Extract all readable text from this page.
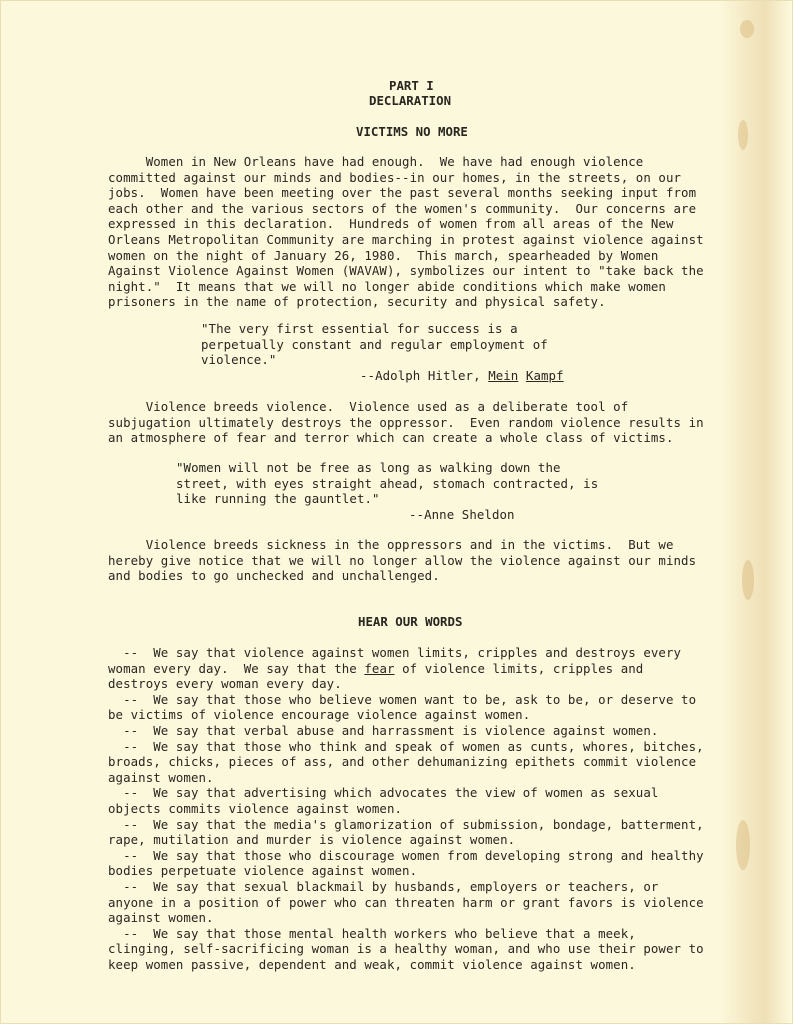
PART I
DECLARATION
VICTIMS NO MORE
Women in New Orleans have had enough.  We have had enough violence
committed against our minds and bodies--in our homes, in the streets, on our
jobs.  Women have been meeting over the past several months seeking input from
each other and the various sectors of the women's community.  Our concerns are
expressed in this declaration.  Hundreds of women from all areas of the New
Orleans Metropolitan Community are marching in protest against violence against
women on the night of January 26, 1980.  This march, spearheaded by Women
Against Violence Against Women (WAVAW), symbolizes our intent to "take back the
night."  It means that we will no longer abide conditions which make women
prisoners in the name of protection, security and physical safety.
"The very first essential for success is a
perpetually constant and regular employment of
violence."
--Adolph Hitler, Mein Kampf
Violence breeds violence.  Violence used as a deliberate tool of
subjugation ultimately destroys the oppressor.  Even random violence results in
an atmosphere of fear and terror which can create a whole class of victims.
"Women will not be free as long as walking down the
street, with eyes straight ahead, stomach contracted, is
like running the gauntlet."
--Anne Sheldon
Violence breeds sickness in the oppressors and in the victims.  But we
hereby give notice that we will no longer allow the violence against our minds
and bodies to go unchecked and unchallenged.
HEAR OUR WORDS
--  We say that violence against women limits, cripples and destroys every
woman every day.  We say that the fear of violence limits, cripples and
destroys every woman every day.
--  We say that those who believe women want to be, ask to be, or deserve to
be victims of violence encourage violence against women.
--  We say that verbal abuse and harrassment is violence against women.
--  We say that those who think and speak of women as cunts, whores, bitches,
broads, chicks, pieces of ass, and other dehumanizing epithets commit violence
against women.
--  We say that advertising which advocates the view of women as sexual
objects commits violence against women.
--  We say that the media's glamorization of submission, bondage, batterment,
rape, mutilation and murder is violence against women.
--  We say that those who discourage women from developing strong and healthy
bodies perpetuate violence against women.
--  We say that sexual blackmail by husbands, employers or teachers, or
anyone in a position of power who can threaten harm or grant favors is violence
against women.
--  We say that those mental health workers who believe that a meek,
clinging, self-sacrificing woman is a healthy woman, and who use their power to
keep women passive, dependent and weak, commit violence against women.
